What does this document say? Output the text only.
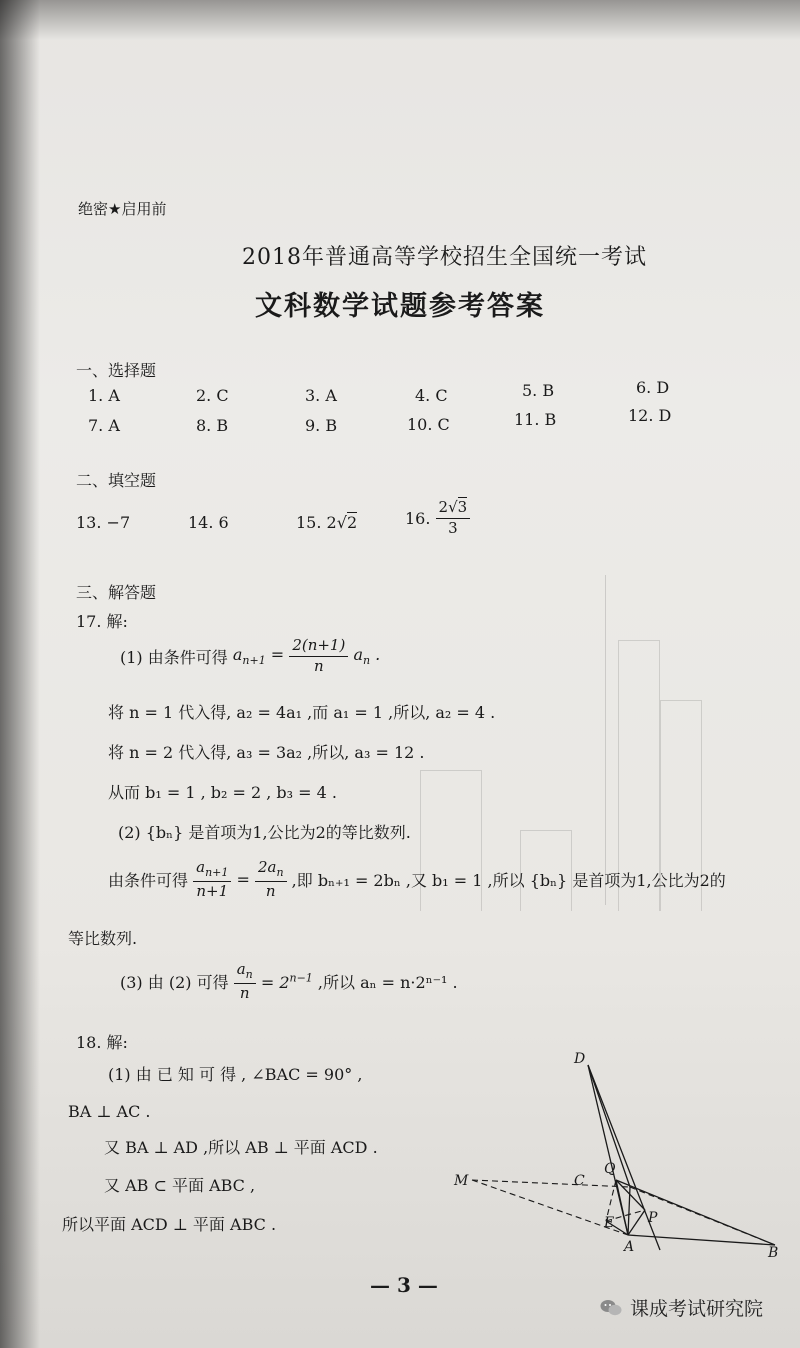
绝密★启用前
2018年普通高等学校招生全国统一考试
文科数学试题参考答案
一、选择题
1. A	2. C	3. A	4. C	5. B	6. D
7. A	8. B	9. B	10. C	11. B	12. D
二、填空题
13. −7	14. 6	15. 2√2	16. $\frac{2√3}{3}$
三、解答题
17. 解:
(1) 由条件可得 $a_{n+1} = \frac{2(n+1)}{n} a_n$ .
将 n = 1 代入得, a₂ = 4a₁ ,而 a₁ = 1 ,所以, a₂ = 4 .
将 n = 2 代入得, a₃ = 3a₂ ,所以, a₃ = 12 .
从而 b₁ = 1 , b₂ = 2 , b₃ = 4 .
(2) {bₙ} 是首项为1,公比为2的等比数列.
由条件可得 $\frac{a_{n+1}}{n+1} = \frac{2a_n}{n}$ ,即 bₙ₊₁ = 2bₙ ,又 b₁ = 1 ,所以 {bₙ} 是首项为1,公比为2的
等比数列.
(3) 由 (2) 可得 $\frac{a_n}{n} = 2^{n-1}$ ,所以 aₙ = n·2ⁿ⁻¹ .
18. 解:
(1) 由 已 知 可 得 , ∠BAC = 90° ,
BA ⊥ AC .
又 BA ⊥ AD ,所以 AB ⊥ 平面 ACD .
又 AB ⊂ 平面 ABC ,
所以平面 ACD ⊥ 平面 ABC .
D
C
Q
M
E P
A	B
— 3 —
课成考试研究院
